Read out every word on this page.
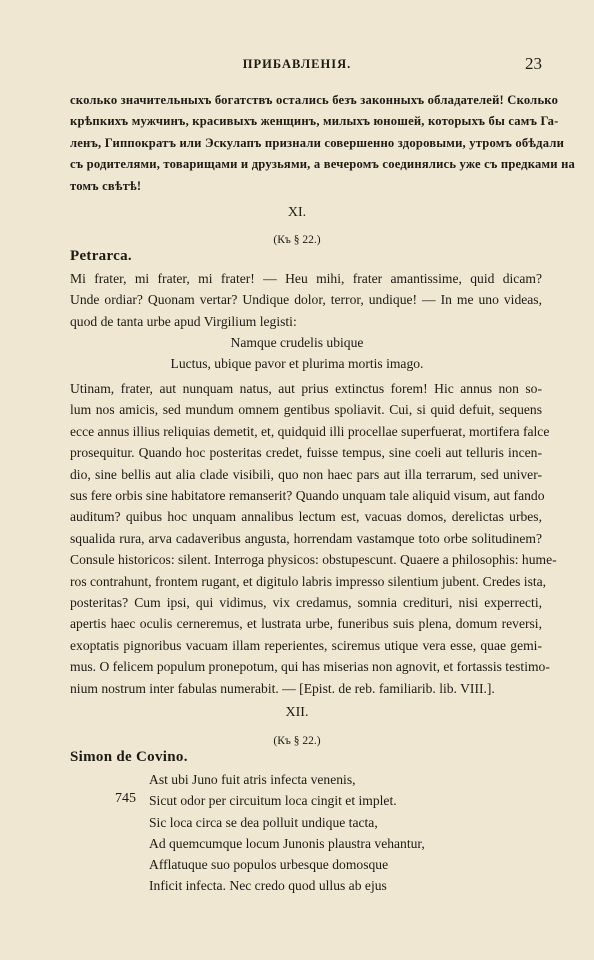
ПРИБАВЛЕНІЯ.	23
сколько значительныхъ богатствъ остались безъ законныхъ обладателей! Сколько
крѣпкихъ мужчинъ, красивыхъ женщинъ, милыхъ юношей, которыхъ бы самъ Га-
ленъ, Гиппократъ или Эскулапъ признали совершенно здоровыми, утромъ обѣдали
съ родителями, товарищами и друзьями, а вечеромъ соединялись уже съ предками на
томъ свѣтѣ!
XI.
(Къ § 22.)
Petrarca.
Mi frater, mi frater, mi frater! — Heu mihi, frater amantissime, quid dicam?
Unde ordiar? Quonam vertar? Undique dolor, terror, undique! — In me uno videas,
quod de tanta urbe apud Virgilium legisti:
Namque crudelis ubique
Luctus, ubique pavor et plurima mortis imago.
Utinam, frater, aut nunquam natus, aut prius extinctus forem! Hic annus non so-
lum nos amicis, sed mundum omnem gentibus spoliavit. Cui, si quid defuit, sequens
ecce annus illius reliquias demetit, et, quidquid illi procellae superfuerat, mortifera falce
prosequitur. Quando hoc posteritas credet, fuisse tempus, sine coeli aut telluris incen-
dio, sine bellis aut alia clade visibili, quo non haec pars aut illa terrarum, sed univer-
sus fere orbis sine habitatore remanserit? Quando unquam tale aliquid visum, aut fando
auditum? quibus hoc unquam annalibus lectum est, vacuas domos, derelictas urbes,
squalida rura, arva cadaveribus angusta, horrendam vastamque toto orbe solitudinem?
Consule historicos: silent. Interroga physicos: obstupescunt. Quaere a philosophis: hume-
ros contrahunt, frontem rugant, et digitulo labris impresso silentium jubent. Credes ista,
posteritas? Cum ipsi, qui vidimus, vix credamus, somnia credituri, nisi experrecti,
apertis haec oculis cerneremus, et lustrata urbe, funeribus suis plena, domum reversi,
exoptatis pignoribus vacuam illam reperientes, sciremus utique vera esse, quae gemi-
mus. O felicem populum pronepotum, qui has miserias non agnovit, et fortassis testimo-
nium nostrum inter fabulas numerabit. — [Epist. de reb. familiarib. lib. VIII.].
XII.
(Къ § 22.)
Simon de Covino.
745
Ast ubi Juno fuit atris infecta venenis,
Sicut odor per circuitum loca cingit et implet.
Sic loca circa se dea polluit undique tacta,
Ad quemcumque locum Junonis plaustra vehantur,
Afflatuque suo populos urbesque domosque
Inficit infecta. Nec credo quod ullus ab ejus
